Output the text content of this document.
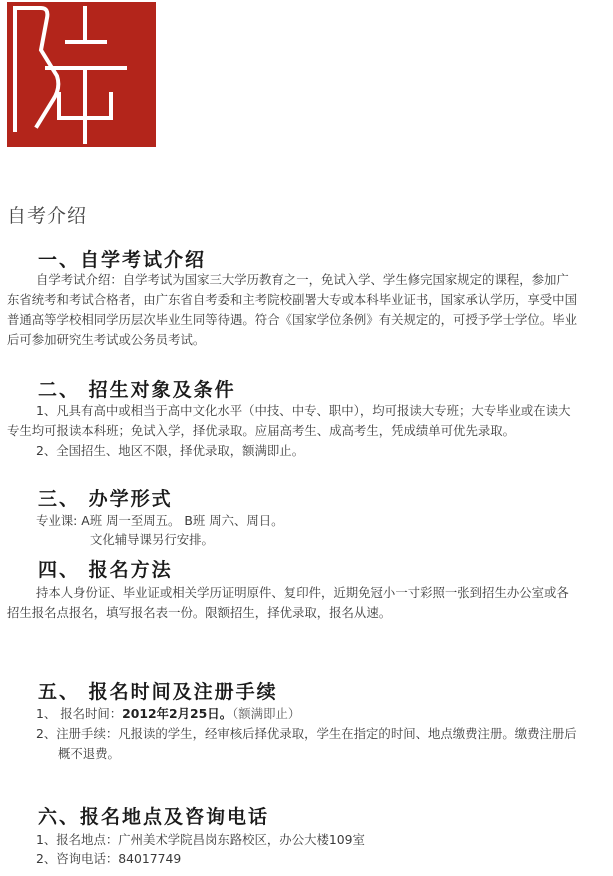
自考介绍
一、自学考试介绍
自学考试介绍：自学考试为国家三大学历教育之一，免试入学、学生修完国家规定的课程，参加广
东省统考和考试合格者，由广东省自考委和主考院校副署大专或本科毕业证书，国家承认学历，享受中国
普通高等学校相同学历层次毕业生同等待遇。符合《国家学位条例》有关规定的，可授予学士学位。毕业
后可参加研究生考试或公务员考试。
二、 招生对象及条件
1、凡具有高中或相当于高中文化水平（中技、中专、职中），均可报读大专班；大专毕业或在读大
专生均可报读本科班；免试入学，择优录取。应届高考生、成高考生，凭成绩单可优先录取。
2、全国招生、地区不限，择优录取，额满即止。
三、 办学形式
专业课: A班 周一至周五。 B班 周六、周日。
文化辅导课另行安排。
四、 报名方法
持本人身份证、毕业证或相关学历证明原件、复印件，近期免冠小一寸彩照一张到招生办公室或各
招生报名点报名，填写报名表一份。限额招生，择优录取，报名从速。
五、 报名时间及注册手续
1、 报名时间：2012年2月25日。（额满即止）
2、注册手续：凡报读的学生，经审核后择优录取，学生在指定的时间、地点缴费注册。缴费注册后
概不退费。
六、报名地点及咨询电话
1、报名地点：广州美术学院昌岗东路校区，办公大楼109室
2、咨询电话：84017749
